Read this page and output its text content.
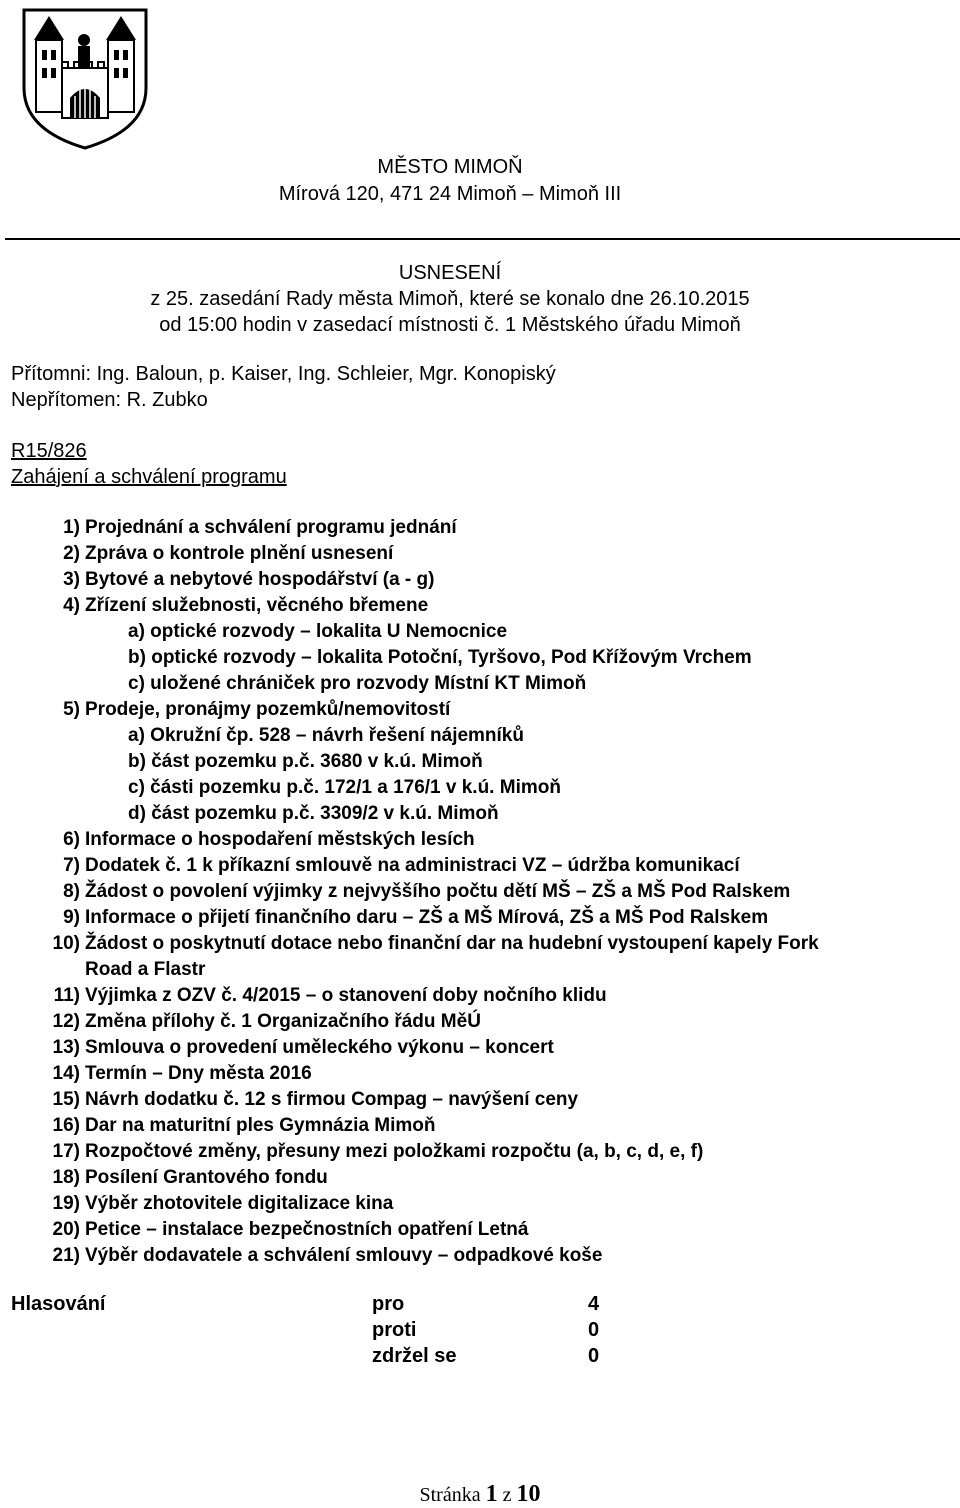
MĚSTO MIMOŇ
Mírová 120, 471 24 Mimoň – Mimoň III
USNESENÍ
z 25. zasedání Rady města Mimoň, které se konalo dne 26.10.2015
od 15:00 hodin v zasedací místnosti č. 1 Městského úřadu Mimoň
Přítomni: Ing. Baloun, p. Kaiser, Ing. Schleier, Mgr. Konopiský
Nepřítomen: R. Zubko
R15/826
Zahájení a schválení programu
1) Projednání a schválení programu jednání
2) Zpráva o kontrole plnění usnesení
3) Bytové a nebytové hospodářství (a - g)
4) Zřízení služebnosti, věcného břemene
a) optické rozvody – lokalita U Nemocnice
b) optické rozvody – lokalita Potoční, Tyršovo, Pod Křížovým Vrchem
c) uložené chrániček pro rozvody Místní KT Mimoň
5) Prodeje, pronájmy pozemků/nemovitostí
a) Okružní čp. 528 – návrh řešení nájemníků
b) část pozemku p.č. 3680 v k.ú. Mimoň
c) části pozemku p.č. 172/1 a 176/1 v k.ú. Mimoň
d) část pozemku p.č. 3309/2 v k.ú. Mimoň
6) Informace o hospodaření městských lesích
7) Dodatek č. 1 k příkazní smlouvě na administraci VZ – údržba komunikací
8) Žádost o povolení výjimky z nejvyššího počtu dětí MŠ – ZŠ a MŠ Pod Ralskem
9) Informace o přijetí finančního daru – ZŠ a MŠ Mírová, ZŠ a MŠ Pod Ralskem
10) Žádost o poskytnutí dotace nebo finanční dar na hudební vystoupení kapely Fork
Road a Flastr
11) Výjimka z OZV č. 4/2015 – o stanovení doby nočního klidu
12) Změna přílohy č. 1 Organizačního řádu MěÚ
13) Smlouva o provedení uměleckého výkonu – koncert
14) Termín – Dny města 2016
15) Návrh dodatku č. 12 s firmou Compag – navýšení ceny
16) Dar na maturitní ples Gymnázia Mimoň
17) Rozpočtové změny, přesuny mezi položkami rozpočtu (a, b, c, d, e, f)
18) Posílení Grantového fondu
19) Výběr zhotovitele digitalizace kina
20) Petice – instalace bezpečnostních opatření Letná
21) Výběr dodavatele a schválení smlouvy – odpadkové koše
Hlasování	pro	4
proti	0
zdržel se	0
Stránka 1 z 10
